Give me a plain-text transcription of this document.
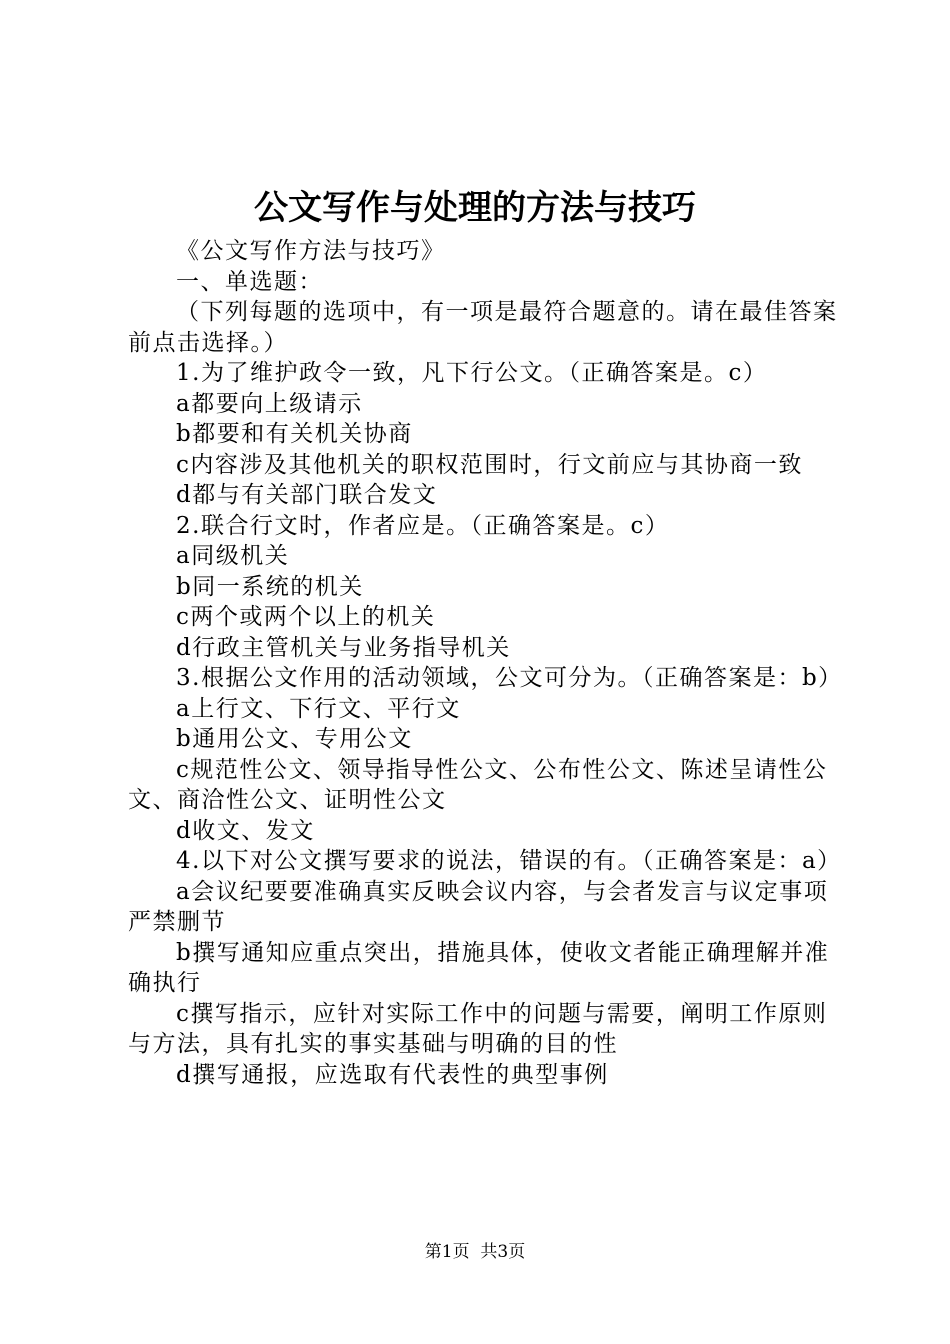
公文写作与处理的方法与技巧

《公文写作方法与技巧》

一、单选题：

（下列每题的选项中，有一项是最符合题意的。请在最佳答案前点击选择。）

1.为了维护政令一致，凡下行公文。（正确答案是。c）

a都要向上级请示

b都要和有关机关协商

c内容涉及其他机关的职权范围时，行文前应与其协商一致

d都与有关部门联合发文

2.联合行文时，作者应是。（正确答案是。c）

a同级机关

b同一系统的机关

c两个或两个以上的机关

d行政主管机关与业务指导机关

3.根据公文作用的活动领域，公文可分为。（正确答案是：b）

a上行文、下行文、平行文

b通用公文、专用公文

c规范性公文、领导指导性公文、公布性公文、陈述呈请性公文、商洽性公文、证明性公文

d收文、发文

4.以下对公文撰写要求的说法，错误的有。（正确答案是：a）

a会议纪要要准确真实反映会议内容，与会者发言与议定事项严禁删节

b撰写通知应重点突出，措施具体，使收文者能正确理解并准确执行

c撰写指示，应针对实际工作中的问题与需要，阐明工作原则与方法，具有扎实的事实基础与明确的目的性

d撰写通报，应选取有代表性的典型事例

第1页 共3页
